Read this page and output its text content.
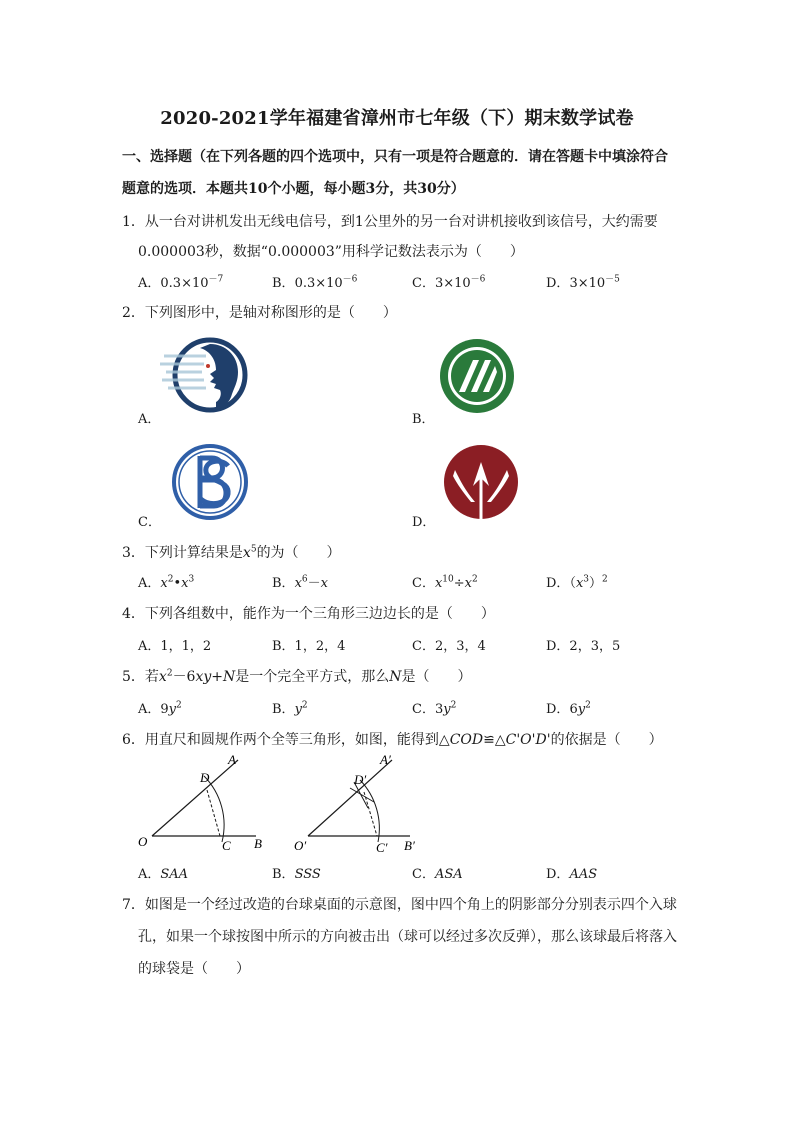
2020-2021学年福建省漳州市七年级（下）期末数学试卷
一、选择题（在下列各题的四个选项中，只有一项是符合题意的．请在答题卡中填涂符合
题意的选项．本题共10个小题，每小题3分，共30分）
1．从一台对讲机发出无线电信号，到1公里外的另一台对讲机接收到该信号，大约需要
0.000003秒，数据“0.000003”用科学记数法表示为（　　）
A．$0.3\times 10^{-7}$	B．$0.3\times 10^{-6}$	C．$3\times 10^{-6}$	D．$3\times 10^{-5}$
2．下列图形中，是轴对称图形的是（　　）
A．	B．
C．	D．
3．下列计算结果是$x^5$的为（　　）
A．$x^2•x^3$	B．$x^6-x$	C．$x^{10}\div x^2$	D．$(x^3)^2$
4．下列各组数中，能作为一个三角形三边边长的是（　　）
A．1，1，2	B．1，2，4	C．2，3，4	D．2，3，5
5．若$x^2-6xy+N$是一个完全平方式，那么N是（　　）
A．$9y^2$	B．$y^2$	C．$3y^2$	D．$6y^2$
6．用直尺和圆规作两个全等三角形，如图，能得到△COD≌△C'O'D'的依据是（　　）
O
A
B
C
D
O′
A′
B′
C′
D′
A．SAA	B．SSS	C．ASA	D．AAS
7．如图是一个经过改造的台球桌面的示意图，图中四个角上的阴影部分分别表示四个入球
孔，如果一个球按图中所示的方向被击出（球可以经过多次反弹），那么该球最后将落入
的球袋是（　　）
